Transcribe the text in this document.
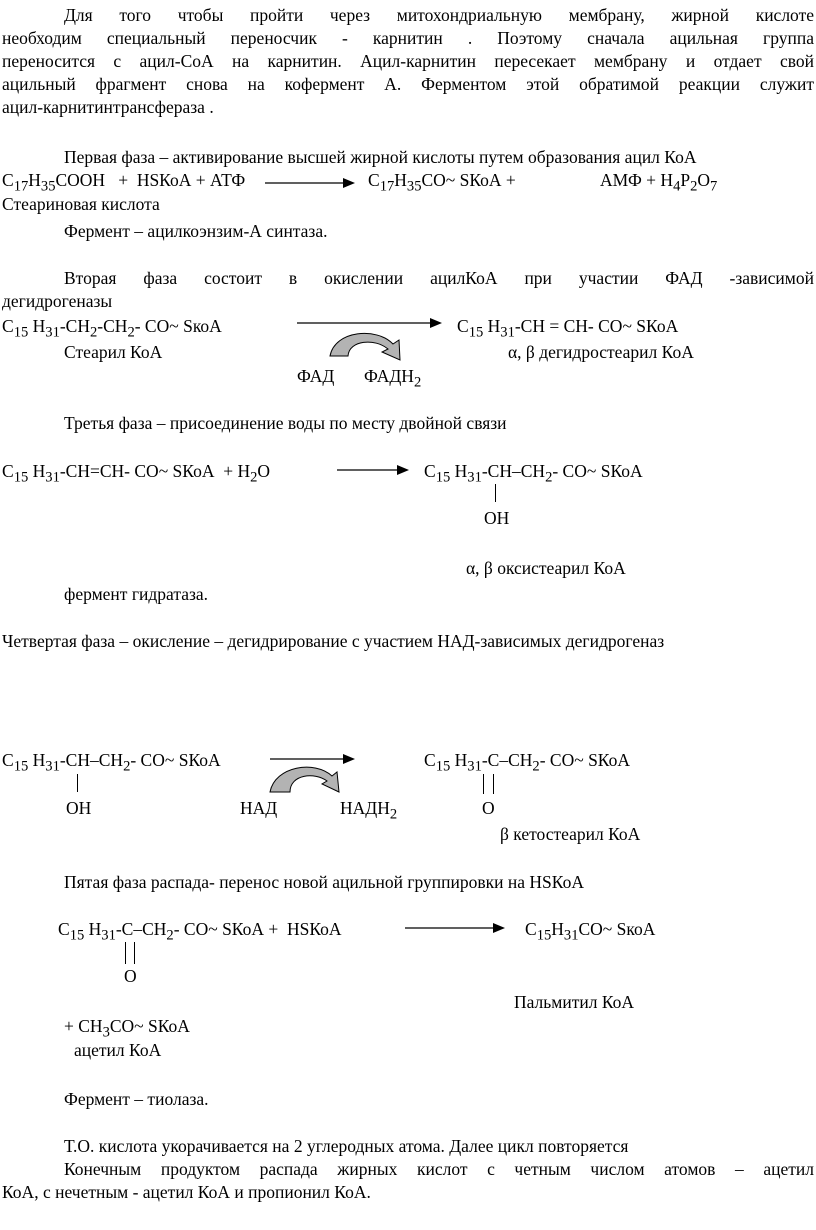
Для того чтобы пройти через митохондриальную мембрану, жирной кислоте
необходим специальный переносчик - карнитин . Поэтому сначала ацильная группа
переносится с ацил-СоА на карнитин. Ацил-карнитин пересекает мембрану и отдает свой
ацильный фрагмент снова на кофермент А. Ферментом этой обратимой реакции служит
ацил-карнитинтрансфераза .
Первая фаза – активирование высшей жирной кислоты путем образования ацил КоА
$С_{17}Н_{35}СООН$   +  HSКоА + АТФ	$С_{17}Н_{35}СО\sim$ SКоА +	АМФ + $Н_4Р_2О_7$
Стеариновая кислота
Фермент – ацилкоэнзим-А синтаза.
Вторая фаза состоит в окислении ацилКоА при участии ФАД -зависимой
дегидрогеназы
$С_{15}$ $Н_{31}-СН_2-СН_2-$ СО~ SкоА	$С_{15}$ $Н_{31}-СН = СН-$ СО~ SКоА
Стеарил КоА	α, β дегидростеарил КоА
ФАД $ФАДН_2$
Третья фаза – присоединение воды по месту двойной связи
$С_{15}$ $Н_{31}-СН=СН-$ СО~ SКоА  + $Н_2О$	$С_{15}$ $Н_{31}-СН-СН_2-$ СО~ SКоА
ОН
α, β оксистеарил КоА
фермент гидратаза.
Четвертая фаза – окисление – дегидрирование с участием НАД-зависимых дегидрогеназ
$С_{15}$ $Н_{31}-СН-СН_2-$ СО~ SКоА	$С_{15}$ $Н_{31}-С-СН_2-$ СО~ SКоА
ОН	НАД	$НАДН_2$	О
β кетостеарил КоА
Пятая фаза распада- перенос новой ацильной группировки на HSКоА
$С_{15}$ $Н_{31}-С-СН_2-$ СО~ SКоА +  HSКоА	$С_{15}Н_{31}СО\sim$ SкоА
О
Пальмитил КоА
+ $СН_3СО\sim$ SКоА
ацетил КоА
Фермент – тиолаза.
Т.О. кислота укорачивается на 2 углеродных атома. Далее цикл повторяется
Конечным продуктом распада жирных кислот с четным числом атомов – ацетил
КоА, с нечетным - ацетил КоА и пропионил КоА.
